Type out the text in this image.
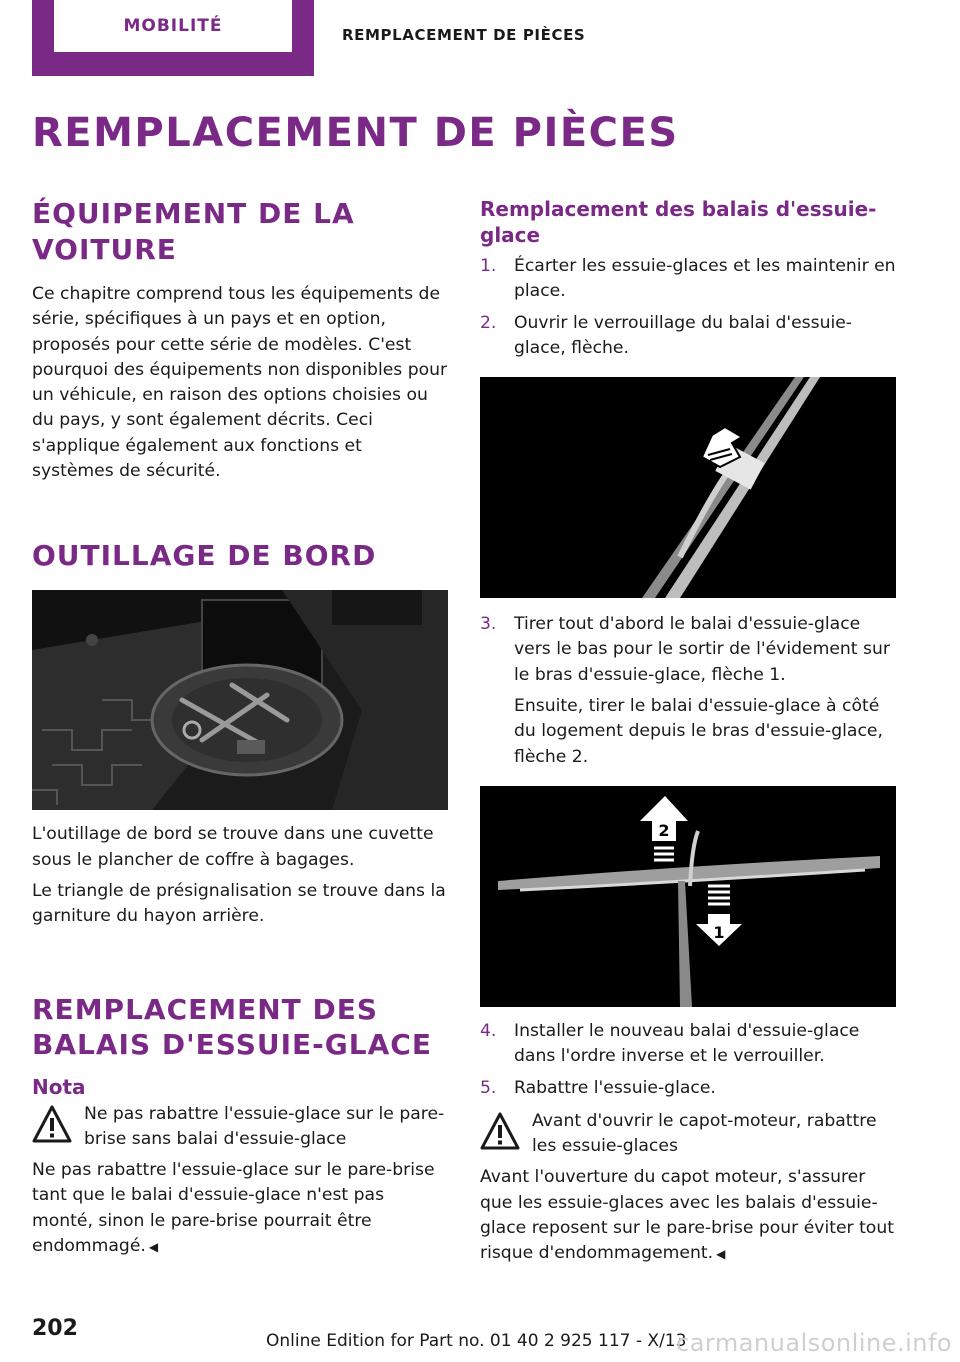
MOBILITÉ	REMPLACEMENT DE PIÈCES
REMPLACEMENT DE PIÈCES
ÉQUIPEMENT DE LA VOITURE

Ce chapitre comprend tous les équipements de série, spécifiques à un pays et en option, proposés pour cette série de modèles. C'est pourquoi des équipements non disponibles pour un véhicule, en raison des options choisies ou du pays, y sont également décrits. Ceci s'applique également aux fonctions et systèmes de sécurité.

OUTILLAGE DE BORD

L'outillage de bord se trouve dans une cuvette sous le plancher de coffre à bagages.

Le triangle de présignalisation se trouve dans la garniture du hayon arrière.

REMPLACEMENT DES BALAIS D'ESSUIE-GLACE
Nota
Ne pas rabattre l'essuie-glace sur le pare-brise sans balai d'essuie-glace

Ne pas rabattre l'essuie-glace sur le pare-brise tant que le balai d'essuie-glace n'est pas monté, sinon le pare-brise pourrait être endommagé. ◀

Remplacement des balais d'essuie-glace
1.	Écarter les essuie-glaces et les maintenir en place.
2.	Ouvrir le verrouillage du balai d'essuie-glace, flèche.
3.	Tirer tout d'abord le balai d'essuie-glace vers le bas pour le sortir de l'évidement sur le bras d'essuie-glace, flèche 1.

Ensuite, tirer le balai d'essuie-glace à côté du logement depuis le bras d'essuie-glace, flèche 2.

2
1
4.	Installer le nouveau balai d'essuie-glace dans l'ordre inverse et le verrouiller.
5.	Rabattre l'essuie-glace.
Avant d'ouvrir le capot-moteur, rabattre les essuie-glaces

Avant l'ouverture du capot moteur, s'assurer que les essuie-glaces avec les balais d'essuie-glace reposent sur le pare-brise pour éviter tout risque d'endommagement. ◀

202	Online Edition for Part no. 01 40 2 925 117 - X/13
carmanualsonline.info
